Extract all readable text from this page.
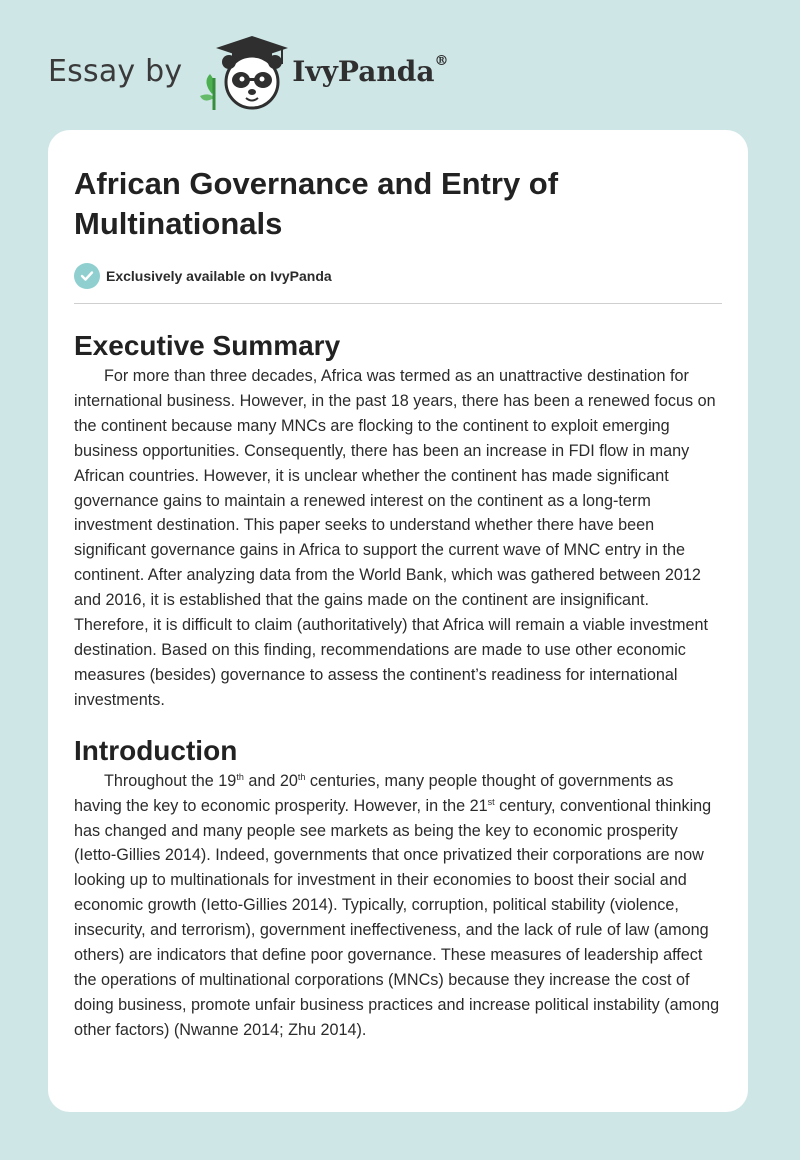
Essay by	IvyPanda®
African Governance and Entry of Multinationals
Exclusively available on IvyPanda
Executive Summary

For more than three decades, Africa was termed as an unattractive destination for international business. However, in the past 18 years, there has been a renewed focus on the continent because many MNCs are flocking to the continent to exploit emerging business opportunities. Consequently, there has been an increase in FDI flow in many African countries. However, it is unclear whether the continent has made significant governance gains to maintain a renewed interest on the continent as a long-term investment destination. This paper seeks to understand whether there have been significant governance gains in Africa to support the current wave of MNC entry in the continent. After analyzing data from the World Bank, which was gathered between 2012 and 2016, it is established that the gains made on the continent are insignificant. Therefore, it is difficult to claim (authoritatively) that Africa will remain a viable investment destination. Based on this finding, recommendations are made to use other economic measures (besides) governance to assess the continent’s readiness for international investments.

Introduction

Throughout the 19th and 20th centuries, many people thought of governments as having the key to economic prosperity. However, in the 21st century, conventional thinking has changed and many people see markets as being the key to economic prosperity (Ietto-Gillies 2014). Indeed, governments that once privatized their corporations are now looking up to multinationals for investment in their economies to boost their social and economic growth (Ietto-Gillies 2014). Typically, corruption, political stability (violence, insecurity, and terrorism), government ineffectiveness, and the lack of rule of law (among others) are indicators that define poor governance. These measures of leadership affect the operations of multinational corporations (MNCs) because they increase the cost of doing business, promote unfair business practices and increase political instability (among other factors) (Nwanne 2014; Zhu 2014).
